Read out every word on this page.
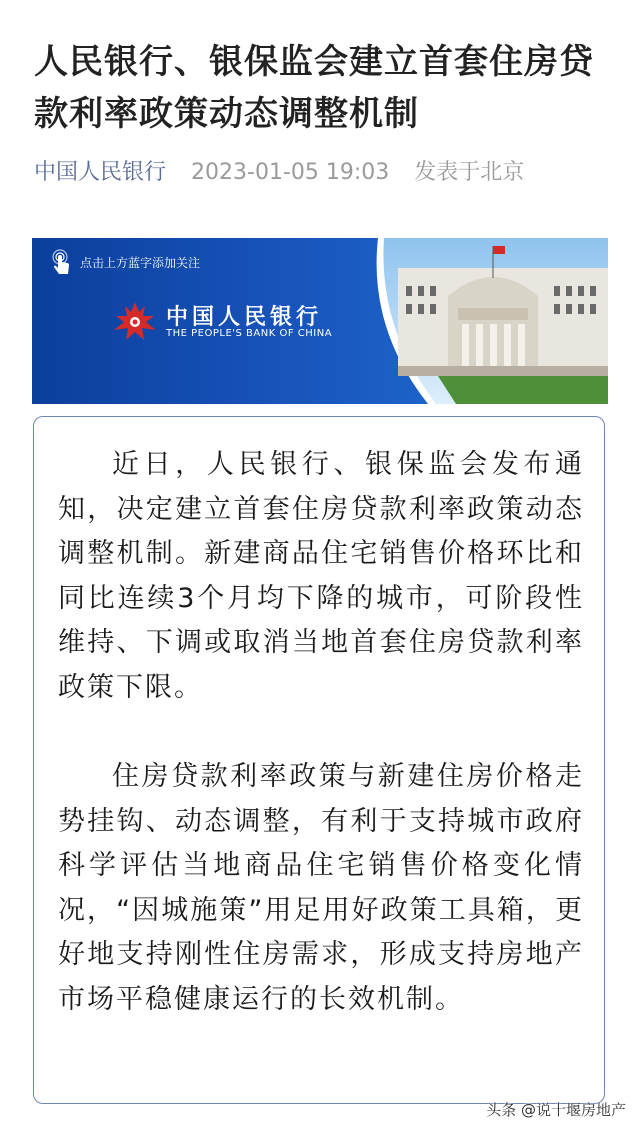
人民银行、银保监会建立首套住房贷款利率政策动态调整机制
中国人民银行 2023-01-05 19:03 发表于北京
点击上方蓝字添加关注
中国人民银行
THE PEOPLE'S BANK OF CHINA
近日，人民银行、银保监会发布通知，决定建立首套住房贷款利率政策动态调整机制。新建商品住宅销售价格环比和同比连续3个月均下降的城市，可阶段性维持、下调或取消当地首套住房贷款利率政策下限。
住房贷款利率政策与新建住房价格走势挂钩、动态调整，有利于支持城市政府科学评估当地商品住宅销售价格变化情况，“因城施策”用足用好政策工具箱，更好地支持刚性住房需求，形成支持房地产市场平稳健康运行的长效机制。
头条 @说十堰房地产
